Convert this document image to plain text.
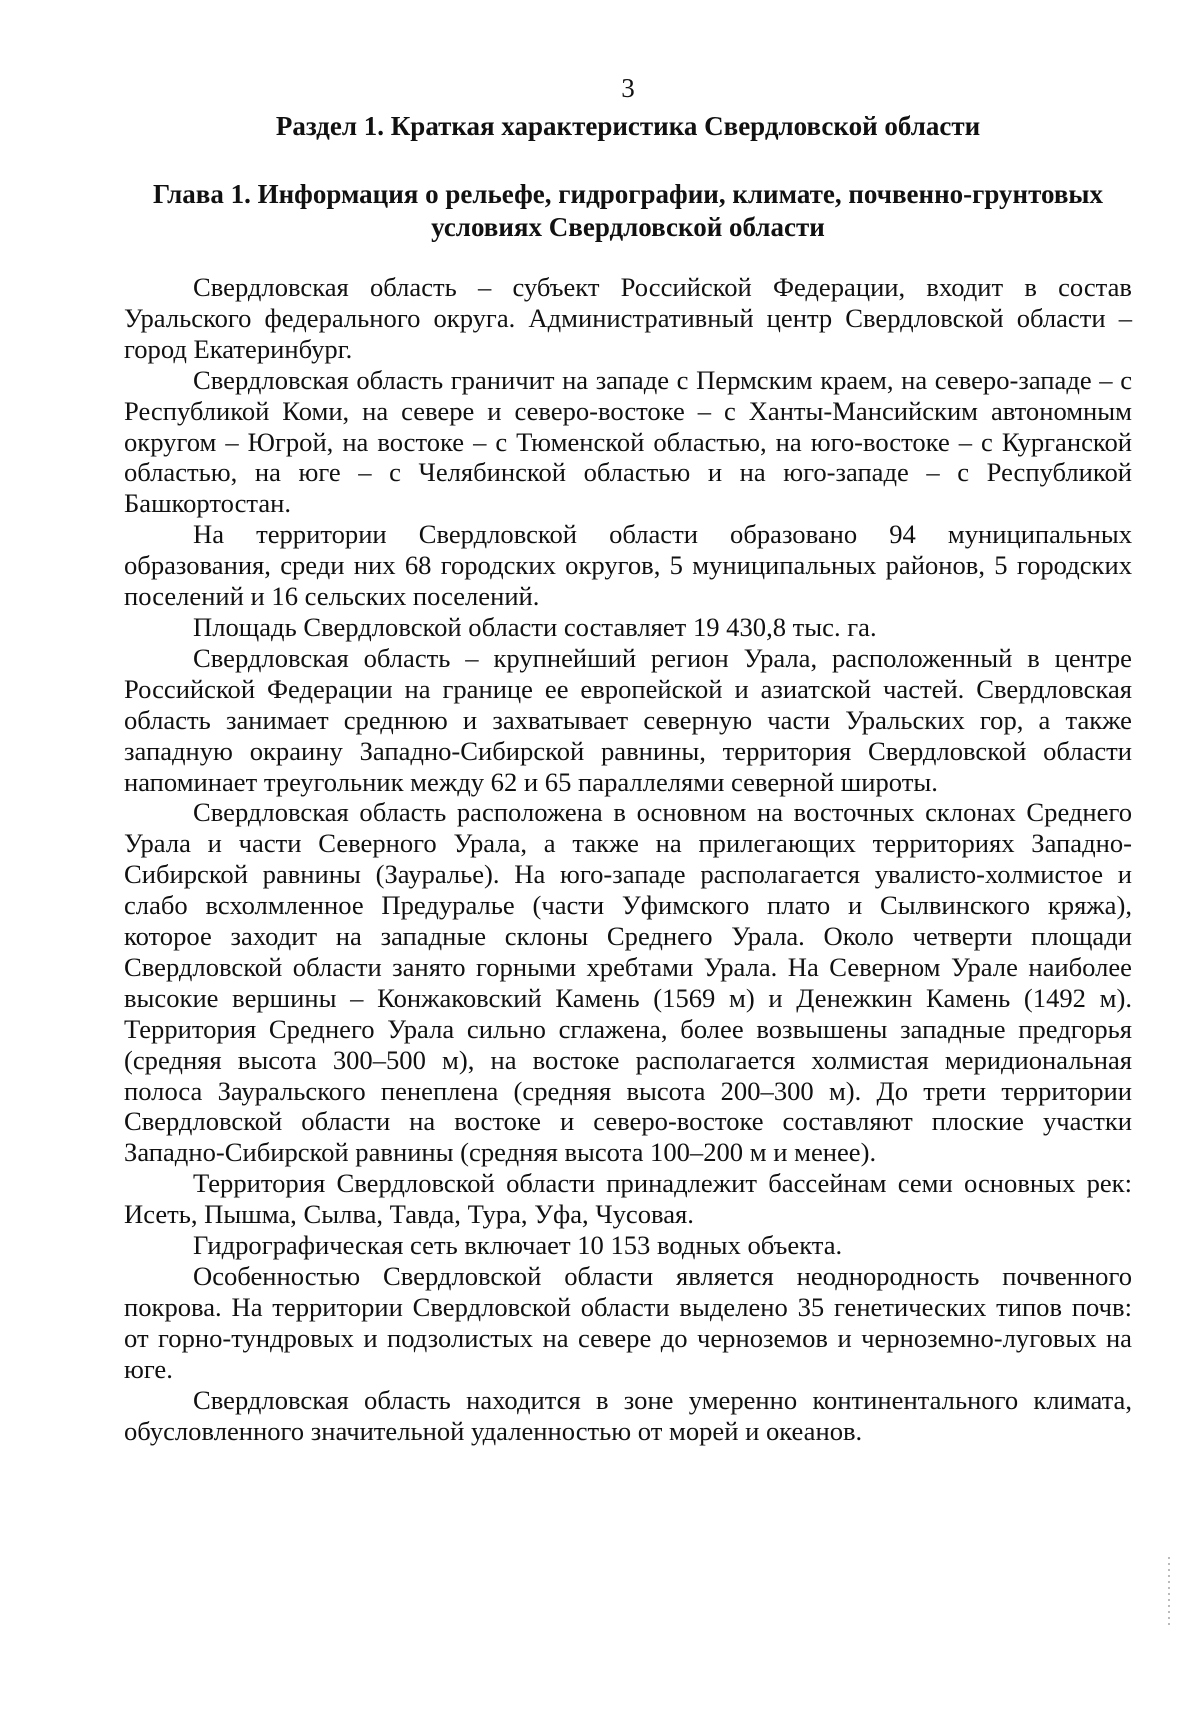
3
Раздел 1. Краткая характеристика Свердловской области
Глава 1. Информация о рельефе, гидрографии, климате, почвенно-грунтовых условиях Свердловской области

Свердловская область – субъект Российской Федерации, входит в состав Уральского федерального округа. Административный центр Свердловской области – город Екатеринбург.

Свердловская область граничит на западе с Пермским краем, на северо-западе – с Республикой Коми, на севере и северо-востоке – с Ханты-Мансийским автономным округом – Югрой, на востоке – с Тюменской областью, на юго-востоке – с Курганской областью, на юге – с Челябинской областью и на юго-западе – с Республикой Башкортостан.

На территории Свердловской области образовано 94 муниципальных образования, среди них 68 городских округов, 5 муниципальных районов, 5 городских поселений и 16 сельских поселений.

Площадь Свердловской области составляет 19 430,8 тыс. га.

Свердловская область – крупнейший регион Урала, расположенный в центре Российской Федерации на границе ее европейской и азиатской частей. Свердловская область занимает среднюю и захватывает северную части Уральских гор, а также западную окраину Западно-Сибирской равнины, территория Свердловской области напоминает треугольник между 62 и 65 параллелями северной широты.

Свердловская область расположена в основном на восточных склонах Среднего Урала и части Северного Урала, а также на прилегающих территориях Западно-Сибирской равнины (Зауралье). На юго-западе располагается увалисто-холмистое и слабо всхолмленное Предуралье (части Уфимского плато и Сылвинского кряжа), которое заходит на западные склоны Среднего Урала. Около четверти площади Свердловской области занято горными хребтами Урала. На Северном Урале наиболее высокие вершины – Конжаковский Камень (1569 м) и Денежкин Камень (1492 м). Территория Среднего Урала сильно сглажена, более возвышены западные предгорья (средняя высота 300–500 м), на востоке располагается холмистая меридиональная полоса Зауральского пенеплена (средняя высота 200–300 м). До трети территории Свердловской области на востоке и северо-востоке составляют плоские участки Западно-Сибирской равнины (средняя высота 100–200 м и менее).

Территория Свердловской области принадлежит бассейнам семи основных рек: Исеть, Пышма, Сылва, Тавда, Тура, Уфа, Чусовая.

Гидрографическая сеть включает 10 153 водных объекта.

Особенностью Свердловской области является неоднородность почвенного покрова. На территории Свердловской области выделено 35 генетических типов почв: от горно-тундровых и подзолистых на севере до черноземов и черноземно-луговых на юге.

Свердловская область находится в зоне умеренно континентального климата, обусловленного значительной удаленностью от морей и океанов.
